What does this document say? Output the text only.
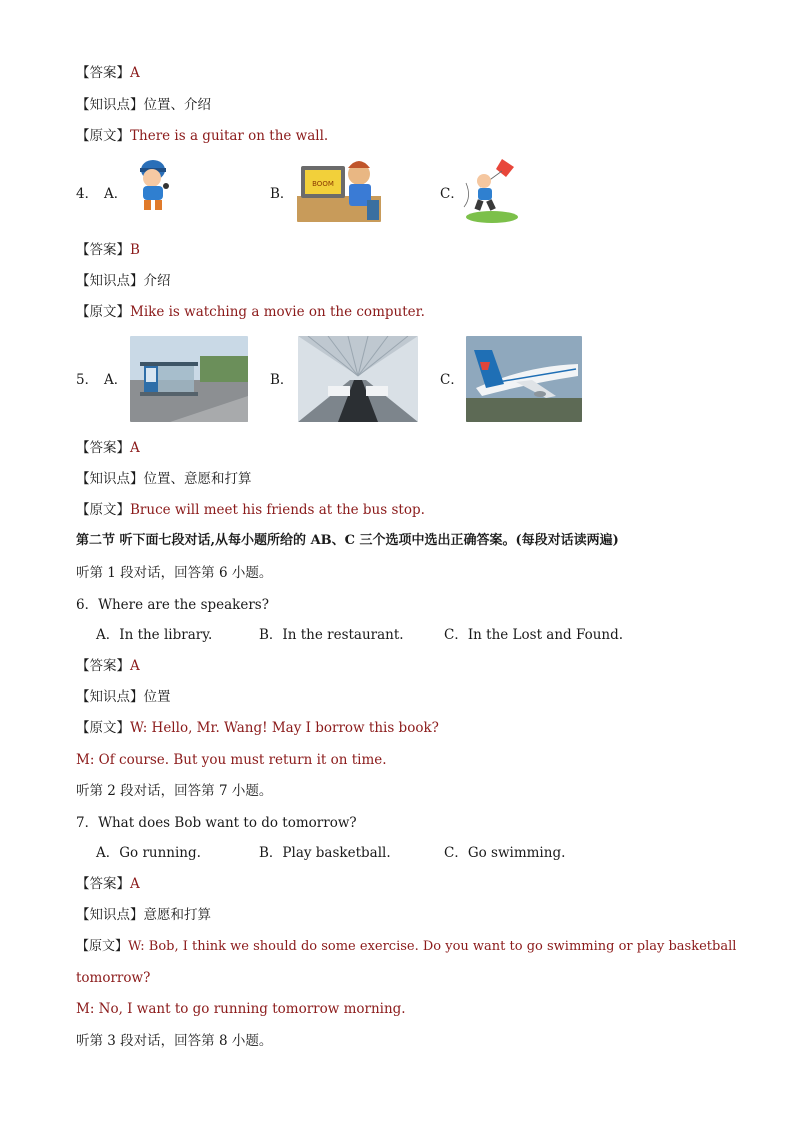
【答案】A
【知识点】位置、介绍
【原文】There is a guitar on the wall.
4． A．	B．	C．
BOOM
【答案】B
【知识点】介绍
【原文】Mike is watching a movie on the computer.
5． A．	B．	C．
【答案】A
【知识点】位置、意愿和打算
【原文】Bruce will meet his friends at the bus stop.
第二节 听下面七段对话,从每小题所给的 AB、C 三个选项中选出正确答案。(每段对话读两遍)
听第 1 段对话，回答第 6 小题。
6．Where are the speakers?
A．In the library.	B．In the restaurant.	C．In the Lost and Found.
【答案】A
【知识点】位置
【原文】W: Hello, Mr. Wang! May I borrow this book?
M: Of course. But you must return it on time.
听第 2 段对话，回答第 7 小题。
7．What does Bob want to do tomorrow?
A．Go running.	B．Play basketball.	C．Go swimming.
【答案】A
【知识点】意愿和打算
【原文】W: Bob, I think we should do some exercise. Do you want to go swimming or play basketball
tomorrow?
M: No, I want to go running tomorrow morning.
听第 3 段对话，回答第 8 小题。
